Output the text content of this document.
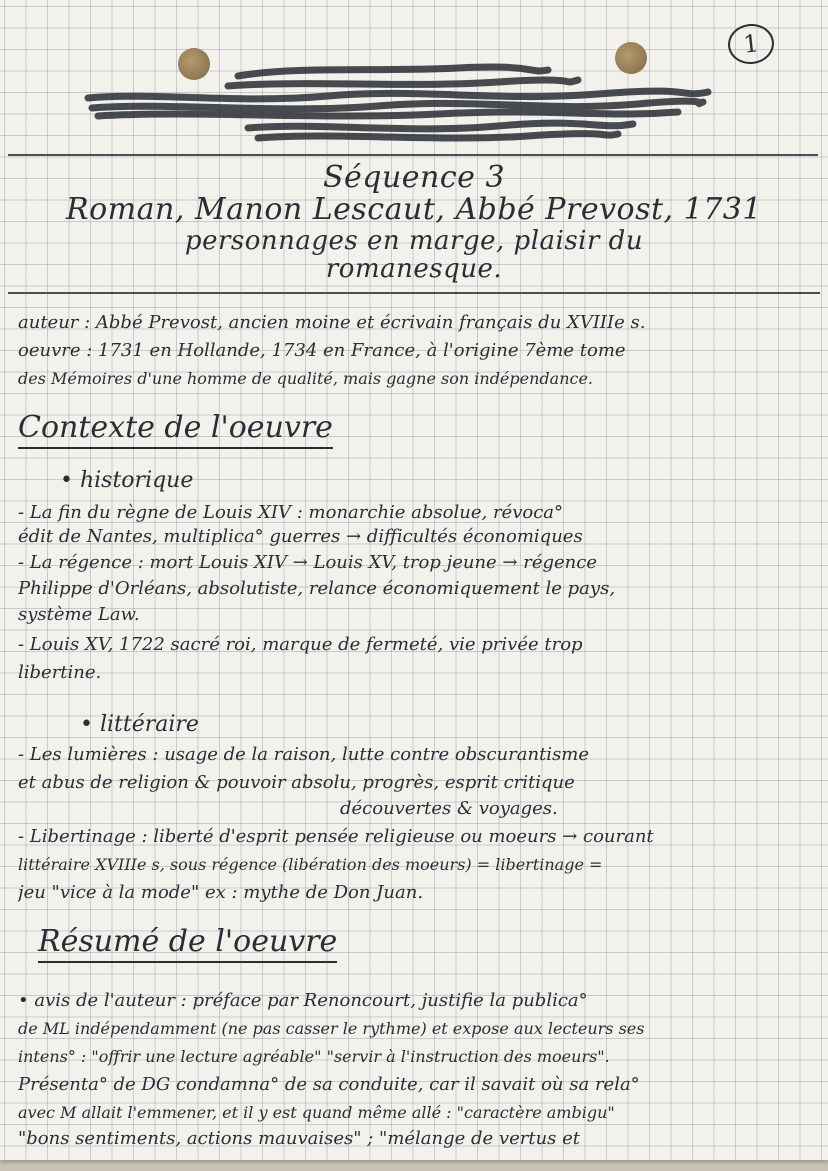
1
Séquence 3
Roman, Manon Lescaut, Abbé Prevost, 1731
personnages en marge, plaisir du
romanesque.
auteur : Abbé Prevost, ancien moine et écrivain français du XVIIIe s.
oeuvre : 1731 en Hollande, 1734 en France, à l'origine 7ème tome
des Mémoires d'une homme de qualité, mais gagne son indépendance.
Contexte de l'oeuvre
• historique
- La fin du règne de Louis XIV : monarchie absolue, révoca°
édit de Nantes, multiplica° guerres → difficultés économiques
- La régence : mort Louis XIV → Louis XV, trop jeune → régence
Philippe d'Orléans, absolutiste, relance économiquement le pays,
système Law.
- Louis XV, 1722 sacré roi, marque de fermeté, vie privée trop
libertine.
• littéraire
- Les lumières : usage de la raison, lutte contre obscurantisme
et abus de religion & pouvoir absolu, progrès, esprit critique
découvertes & voyages.
- Libertinage : liberté d'esprit pensée religieuse ou moeurs → courant
littéraire XVIIIe s, sous régence (libération des moeurs) = libertinage =
jeu "vice à la mode" ex : mythe de Don Juan.
Résumé de l'oeuvre
• avis de l'auteur : préface par Renoncourt, justifie la publica°
de ML indépendamment (ne pas casser le rythme) et expose aux lecteurs ses
intens° : "offrir une lecture agréable" "servir à l'instruction des moeurs".
Présenta° de DG condamna° de sa conduite, car il savait où sa rela°
avec M allait l'emmener, et il y est quand même allé : "caractère ambigu"
"bons sentiments, actions mauvaises" ; "mélange de vertus et
